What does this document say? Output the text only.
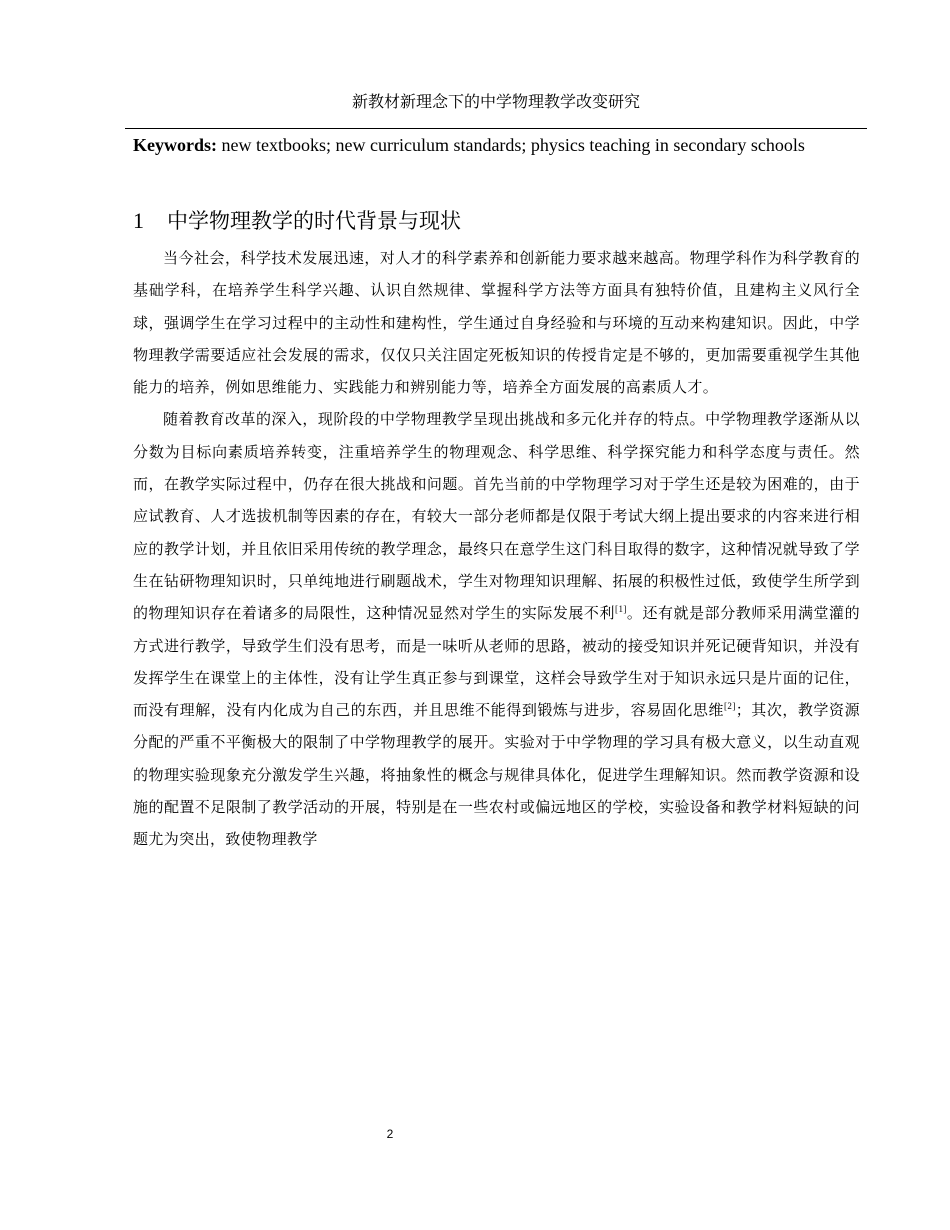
新教材新理念下的中学物理教学改变研究
Keywords: new textbooks; new curriculum standards; physics teaching in secondary schools
1 中学物理教学的时代背景与现状

当今社会，科学技术发展迅速，对人才的科学素养和创新能力要求越来越高。物理学科作为科学教育的基础学科，在培养学生科学兴趣、认识自然规律、掌握科学方法等方面具有独特价值，且建构主义风行全球，强调学生在学习过程中的主动性和建构性，学生通过自身经验和与环境的互动来构建知识。因此，中学物理教学需要适应社会发展的需求，仅仅只关注固定死板知识的传授肯定是不够的，更加需要重视学生其他能力的培养，例如思维能力、实践能力和辨别能力等，培养全方面发展的高素质人才。

随着教育改革的深入，现阶段的中学物理教学呈现出挑战和多元化并存的特点。中学物理教学逐渐从以分数为目标向素质培养转变，注重培养学生的物理观念、科学思维、科学探究能力和科学态度与责任。然而，在教学实际过程中，仍存在很大挑战和问题。首先当前的中学物理学习对于学生还是较为困难的，由于应试教育、人才选拔机制等因素的存在，有较大一部分老师都是仅限于考试大纲上提出要求的内容来进行相应的教学计划，并且依旧采用传统的教学理念，最终只在意学生这门科目取得的数字，这种情况就导致了学生在钻研物理知识时，只单纯地进行刷题战术，学生对物理知识理解、拓展的积极性过低，致使学生所学到的物理知识存在着诸多的局限性，这种情况显然对学生的实际发展不利[1]。还有就是部分教师采用满堂灌的方式进行教学，导致学生们没有思考，而是一味听从老师的思路，被动的接受知识并死记硬背知识，并没有发挥学生在课堂上的主体性，没有让学生真正参与到课堂，这样会导致学生对于知识永远只是片面的记住，而没有理解，没有内化成为自己的东西，并且思维不能得到锻炼与进步，容易固化思维[2]；其次，教学资源分配的严重不平衡极大的限制了中学物理教学的展开。实验对于中学物理的学习具有极大意义，以生动直观的物理实验现象充分激发学生兴趣，将抽象性的概念与规律具体化，促进学生理解知识。然而教学资源和设施的配置不足限制了教学活动的开展，特别是在一些农村或偏远地区的学校，实验设备和教学材料短缺的问题尤为突出，致使物理教学

2
